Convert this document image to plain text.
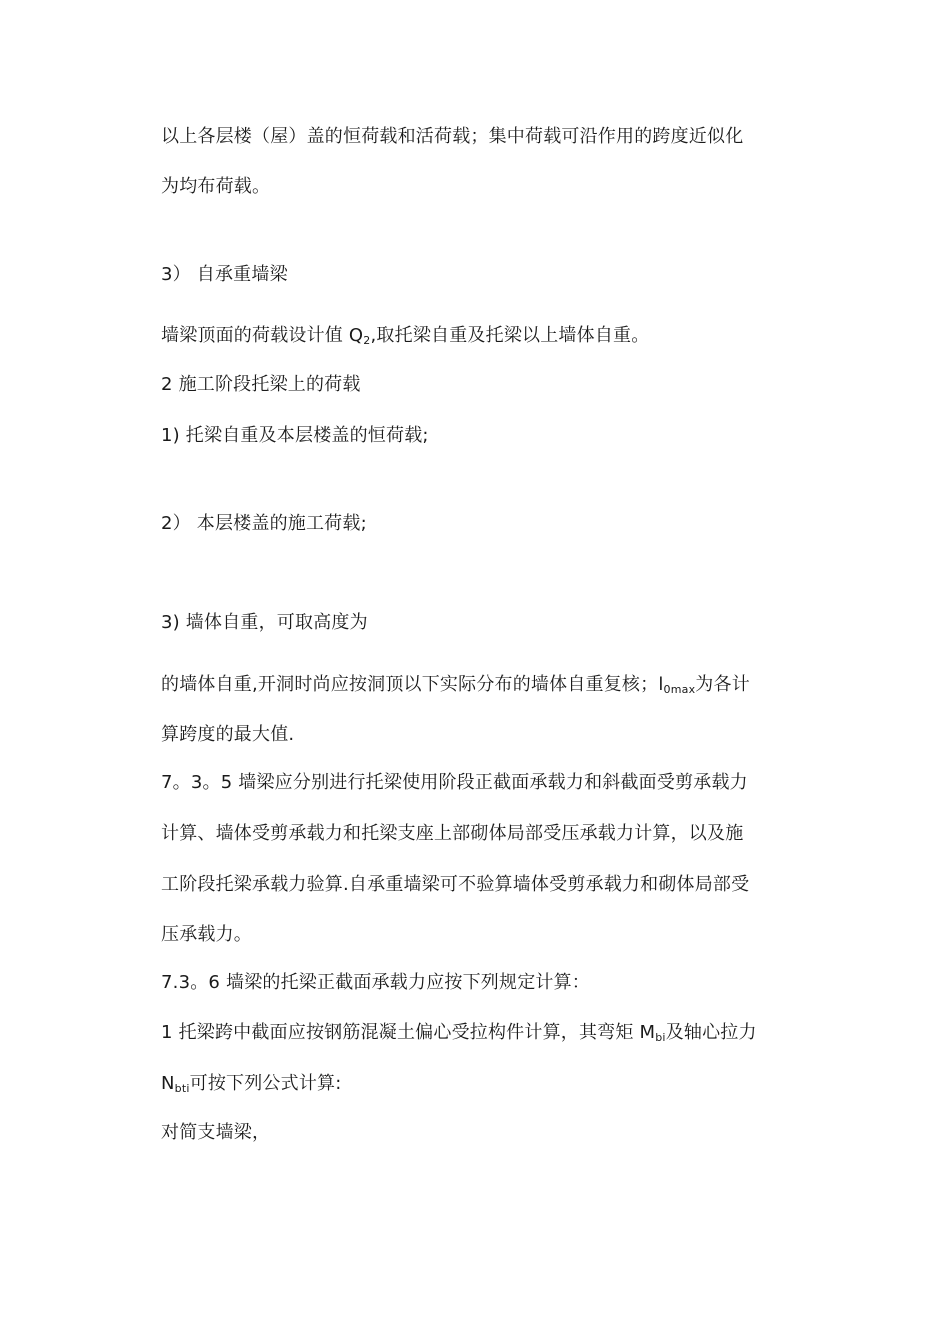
以上各层楼（屋）盖的恒荷载和活荷载；集中荷载可沿作用的跨度近似化
为均布荷载。
3） 自承重墙梁
墙梁顶面的荷载设计值 $Q_2$,取托梁自重及托梁以上墙体自重。
2 施工阶段托梁上的荷载
1) 托梁自重及本层楼盖的恒荷载;
2） 本层楼盖的施工荷载;
3) 墙体自重，可取高度为
的墙体自重,开洞时尚应按洞顶以下实际分布的墙体自重复核；$l_{0max}$为各计
算跨度的最大值.
7。3。5 墙梁应分别进行托梁使用阶段正截面承载力和斜截面受剪承载力
计算、墙体受剪承载力和托梁支座上部砌体局部受压承载力计算，以及施
工阶段托梁承载力验算.自承重墙梁可不验算墙体受剪承载力和砌体局部受
压承载力。
7.3。6 墙梁的托梁正截面承载力应按下列规定计算：
1 托梁跨中截面应按钢筋混凝土偏心受拉构件计算，其弯矩 $M_{bi}$及轴心拉力
$N_{bti}$可按下列公式计算:
对简支墙梁，
